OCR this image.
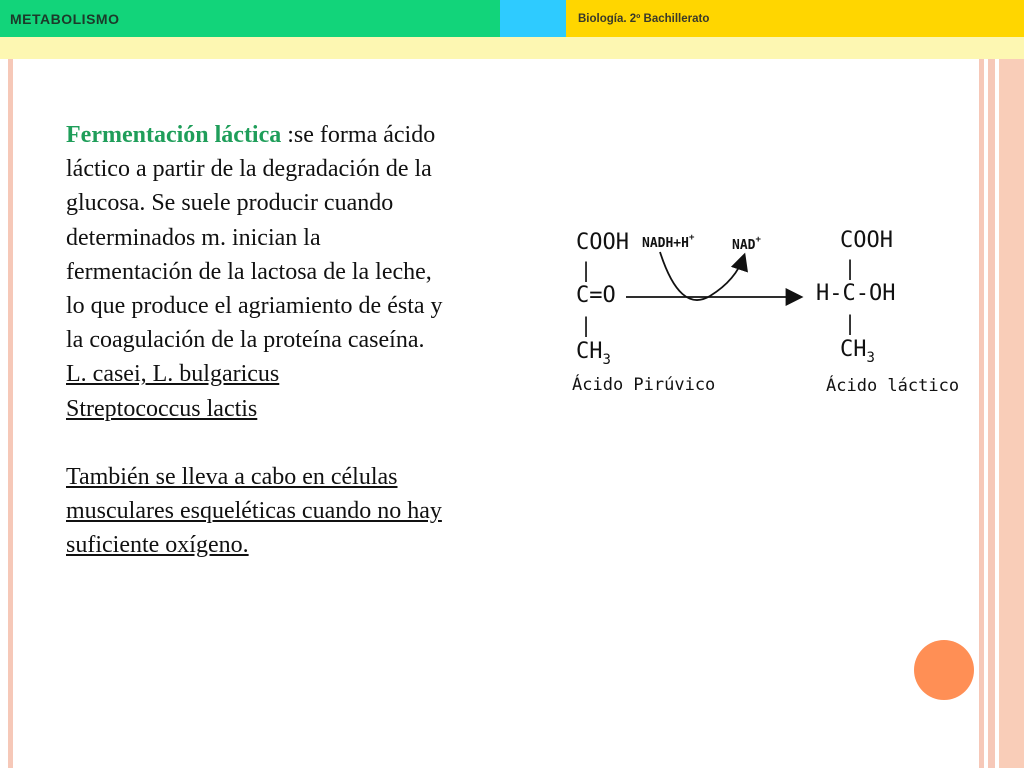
METABOLISMO	Biología. 2º Bachillerato

Fermentación láctica :se forma ácido láctico a partir de la degradación de la glucosa. Se suele producir cuando determinados m. inician la fermentación de la lactosa de la leche, lo que produce el agriamiento de ésta y la coagulación de la proteína caseína.

L. casei, L. bulgaricus

Streptococcus lactis

También se lleva a cabo en células musculares esqueléticas cuando no hay suficiente oxígeno.

COOH
|
C=O
|
$CH_3$
Ácido Pirúvico
NADH+H+	NAD+	COOH
|
H-C-OH
|
$CH_3$
Ácido láctico
